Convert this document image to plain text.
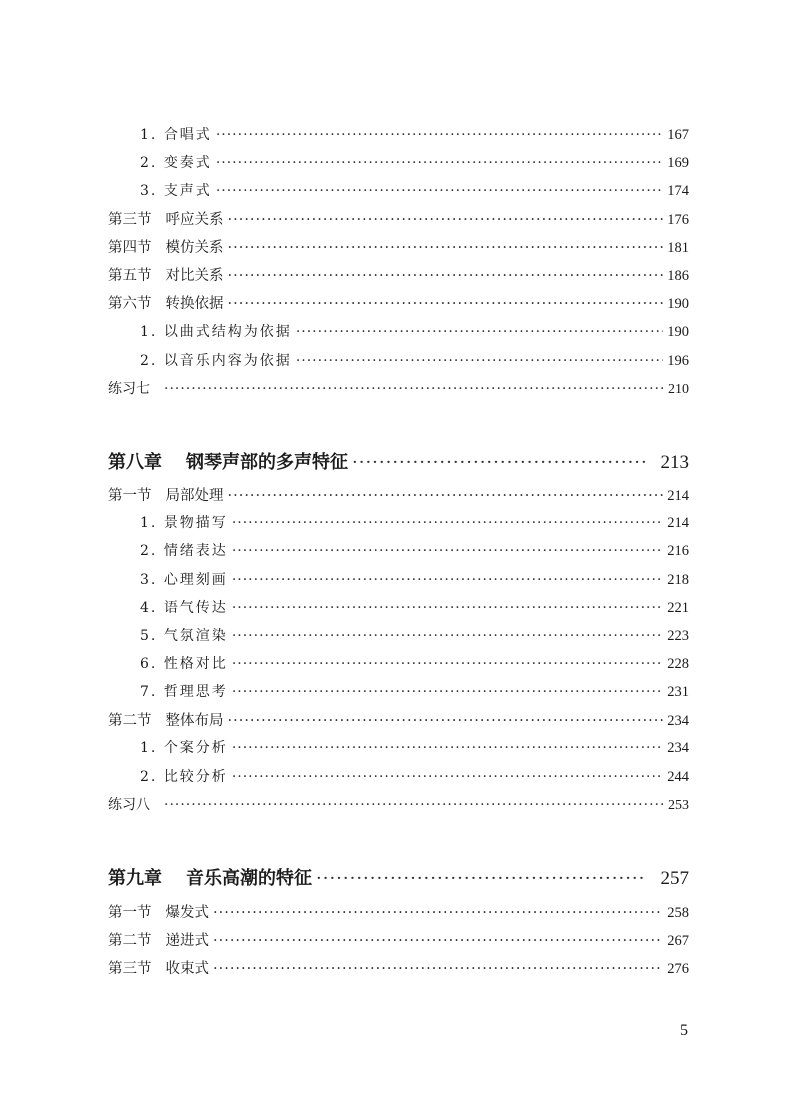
1. 合唱式 ·····	167
2. 变奏式 ·····	169
3. 支声式 ·····	174
第三节 呼应关系 ·····	176
第四节 模仿关系 ·····	181
第五节 对比关系 ·····	186
第六节 转换依据 ·····	190
1. 以曲式结构为依据 ·····	190
2. 以音乐内容为依据 ·····	196
练习七 ·····	210
第八章 钢琴声部的多声特征 ·····	213
第一节 局部处理 ·····	214
1. 景物描写 ·····	214
2. 情绪表达 ·····	216
3. 心理刻画 ·····	218
4. 语气传达 ·····	221
5. 气氛渲染 ·····	223
6. 性格对比 ·····	228
7. 哲理思考 ·····	231
第二节 整体布局 ·····	234
1. 个案分析 ·····	234
2. 比较分析 ·····	244
练习八 ·····	253
第九章 音乐高潮的特征 ·····	257
第一节 爆发式 ·····	258
第二节 递进式 ·····	267
第三节 收束式 ·····	276
5
